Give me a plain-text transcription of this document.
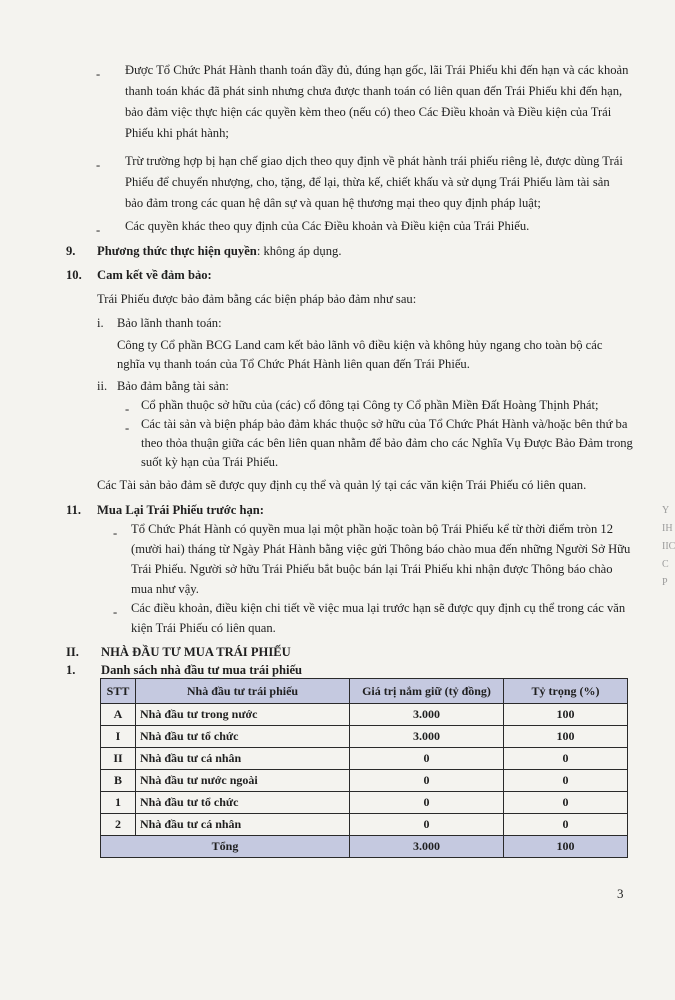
- Được Tổ Chức Phát Hành thanh toán đầy đủ, đúng hạn gốc, lãi Trái Phiếu khi đến hạn và các khoản
thanh toán khác đã phát sinh nhưng chưa được thanh toán có liên quan đến Trái Phiếu khi đến hạn,
bảo đảm việc thực hiện các quyền kèm theo (nếu có) theo Các Điều khoản và Điều kiện của Trái
Phiếu khi phát hành;
- Trừ trường hợp bị hạn chế giao dịch theo quy định về phát hành trái phiếu riêng lẻ, được dùng Trái
Phiếu để chuyển nhượng, cho, tặng, để lại, thừa kế, chiết khấu và sử dụng Trái Phiếu làm tài sản
bảo đảm trong các quan hệ dân sự và quan hệ thương mại theo quy định pháp luật;
- Các quyền khác theo quy định của Các Điều khoản và Điều kiện của Trái Phiếu.
9. Phương thức thực hiện quyền: không áp dụng.
10. Cam kết về đảm bảo:
Trái Phiếu được bảo đảm bằng các biện pháp bảo đảm như sau:
i. Bảo lãnh thanh toán:
Công ty Cổ phần BCG Land cam kết bảo lãnh vô điều kiện và không hủy ngang cho toàn bộ các
nghĩa vụ thanh toán của Tổ Chức Phát Hành liên quan đến Trái Phiếu.
ii. Bảo đảm bằng tài sản:
- Cổ phần thuộc sở hữu của (các) cổ đông tại Công ty Cổ phần Miền Đất Hoàng Thịnh Phát;
- Các tài sản và biện pháp bảo đảm khác thuộc sở hữu của Tổ Chức Phát Hành và/hoặc bên thứ ba
theo thỏa thuận giữa các bên liên quan nhằm để bảo đảm cho các Nghĩa Vụ Được Bảo Đảm trong
suốt kỳ hạn của Trái Phiếu.
Các Tài sản bảo đảm sẽ được quy định cụ thể và quản lý tại các văn kiện Trái Phiếu có liên quan.
11. Mua Lại Trái Phiếu trước hạn:
- Tổ Chức Phát Hành có quyền mua lại một phần hoặc toàn bộ Trái Phiếu kể từ thời điểm tròn 12
(mười hai) tháng từ Ngày Phát Hành bằng việc gửi Thông báo chào mua đến những Người Sở Hữu
Trái Phiếu. Người sở hữu Trái Phiếu bắt buộc bán lại Trái Phiếu khi nhận được Thông báo chào
mua như vậy.
- Các điều khoản, điều kiện chi tiết về việc mua lại trước hạn sẽ được quy định cụ thể trong các văn
kiện Trái Phiếu có liên quan.
II. NHÀ ĐẦU TƯ MUA TRÁI PHIẾU
1. Danh sách nhà đầu tư mua trái phiếu
STT	Nhà đầu tư trái phiếu	Giá trị nắm giữ (tỷ đồng)	Tỷ trọng (%)
A	Nhà đầu tư trong nước	3.000	100
I	Nhà đầu tư tổ chức	3.000	100
II	Nhà đầu tư cá nhân	0	0
B	Nhà đầu tư nước ngoài	0	0
1	Nhà đầu tư tổ chức	0	0
2	Nhà đầu tư cá nhân	0	0
Tổng		3.000	100
3
Y
IH
IIC
C
P
